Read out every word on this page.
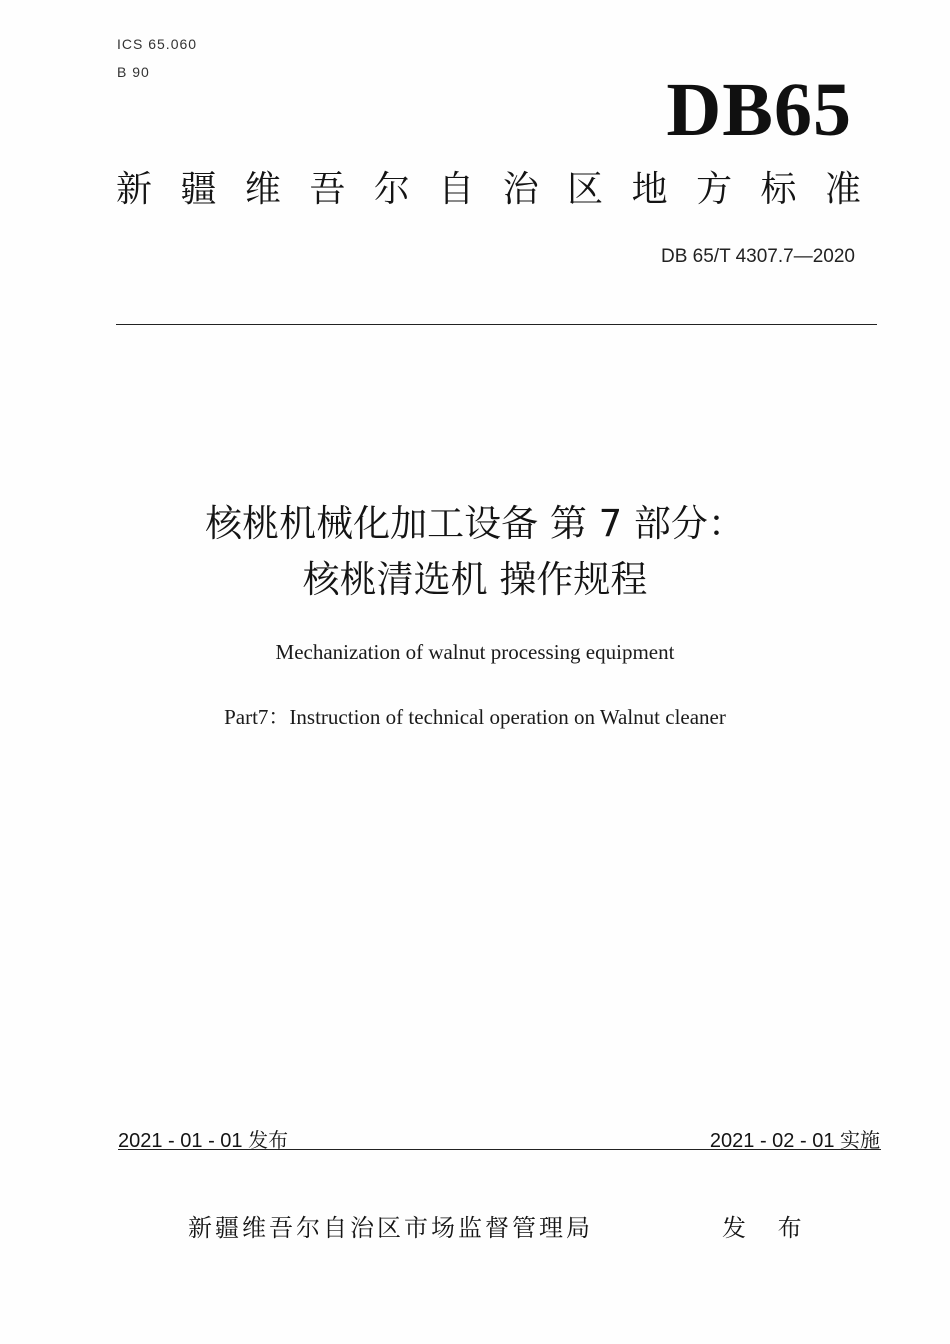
ICS 65.060
B 90	DB65
新 疆 维 吾 尔 自 治 区 地 方 标 准
DB 65/T 4307.7—2020
核桃机械化加工设备 第 7 部分：
核桃清选机 操作规程
Mechanization of walnut processing equipment
Part7：Instruction of technical operation on Walnut cleaner
2021 - 01 - 01 发布	2021 - 02 - 01 实施
新疆维吾尔自治区市场监督管理局	发 布
